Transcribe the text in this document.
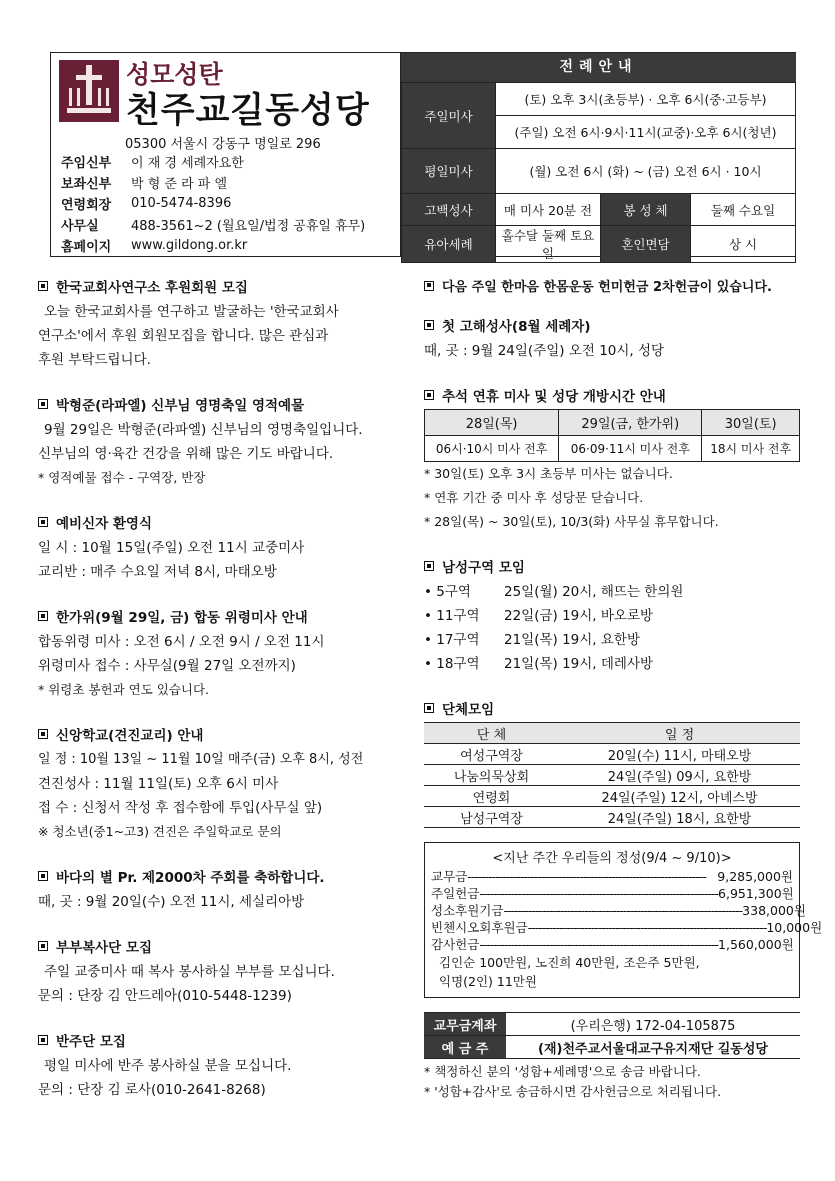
성모성탄
천주교길동성당
05300 서울시 강동구 명일로 296
주임신부	이 재 경 세례자요한
보좌신부	박 형 준 라 파 엘
연령회장	010-5474-8396
사무실	488-3561~2 (월요일/법정 공휴일 휴무)
홈페이지	www.gildong.or.kr
전례안내
주일미사	(토) 오후 3시(초등부) · 오후 6시(중·고등부)		
	(주일) 오전 6시·9시·11시(교중)·오후 6시(청년)		
평일미사	(월) 오전 6시 (화) ~ (금) 오전 6시 · 10시		
고백성사	매 미사 20분 전	봉 성 체	둘째 수요일
유아세례	홀수달 둘째 토요일	혼인면담	상 시
한국교회사연구소 후원회원 모집
오늘 한국교회사를 연구하고 발굴하는 '한국교회사
연구소'에서 후원 회원모집을 합니다. 많은 관심과
후원 부탁드립니다.
박형준(라파엘) 신부님 영명축일 영적예물
9월 29일은 박형준(라파엘) 신부님의 영명축일입니다.
신부님의 영·육간 건강을 위해 많은 기도 바랍니다.
* 영적예물 접수 - 구역장, 반장
예비신자 환영식
일 시 : 10월 15일(주일) 오전 11시 교중미사
교리반 : 매주 수요일 저녁 8시, 마태오방
한가위(9월 29일, 금) 합동 위령미사 안내
합동위령 미사 : 오전 6시 / 오전 9시 / 오전 11시
위령미사 접수 : 사무실(9월 27일 오전까지)
* 위령초 봉헌과 연도 있습니다.
신앙학교(견진교리) 안내
일 정 : 10월 13일 ~ 11월 10일 매주(금) 오후 8시, 성전
견진성사 : 11월 11일(토) 오후 6시 미사
접 수 : 신청서 작성 후 접수함에 투입(사무실 앞)
※ 청소년(중1~고3) 견진은 주일학교로 문의
바다의 별 Pr. 제2000차 주회를 축하합니다.
때, 곳 : 9월 20일(수) 오전 11시, 세실리아방
부부복사단 모집
주일 교중미사 때 복사 봉사하실 부부를 모십니다.
문의 : 단장 김 안드레아(010-5448-1239)
반주단 모집
평일 미사에 반주 봉사하실 분을 모십니다.
문의 : 단장 김 로사(010-2641-8268)
다음 주일 한마음 한몸운동 헌미헌금 2차헌금이 있습니다.
첫 고해성사(8월 세례자)
때, 곳 : 9월 24일(주일) 오전 10시, 성당
추석 연휴 미사 및 성당 개방시간 안내
28일(목)	29일(금, 한가위)	30일(토)
06시·10시 미사 전후	06·09·11시 미사 전후	18시 미사 전후
* 30일(토) 오후 3시 초등부 미사는 없습니다.
* 연휴 기간 중 미사 후 성당문 닫습니다.
* 28일(목) ~ 30일(토), 10/3(화) 사무실 휴무합니다.
남성구역 모임
• 5구역 25일(월) 20시, 해뜨는 한의원
• 11구역 22일(금) 19시, 바오로방
• 17구역 21일(목) 19시, 요한방
• 18구역 21일(목) 19시, 데레사방
단체모임
단 체	일 정
여성구역장	20일(수) 11시, 마태오방
나눔의묵상회	24일(주일) 09시, 요한방
연령회	24일(주일) 12시, 아녜스방
남성구역장	24일(주일) 18시, 요한방
<지난 주간 우리들의 정성(9/4 ~ 9/10)>
교무금 -------------------------------------------------------------------- 9,285,000원
주일헌금 -------------------------------------------------------------------- 6,951,300원
성소후원기금 -------------------------------------------------------------------- 338,000원
빈첸시오회후원금 -------------------------------------------------------------------- 10,000원
감사헌금 -------------------------------------------------------------------- 1,560,000원
김인순 100만원, 노진희 40만원, 조은주 5만원,
익명(2인) 11만원
교무금계좌	(우리은행) 172-04-105875
예 금 주	(재)천주교서울대교구유지재단 길동성당
* 책정하신 분의 '성함+세례명'으로 송금 바랍니다.
* '성함+감사'로 송금하시면 감사헌금으로 처리됩니다.
